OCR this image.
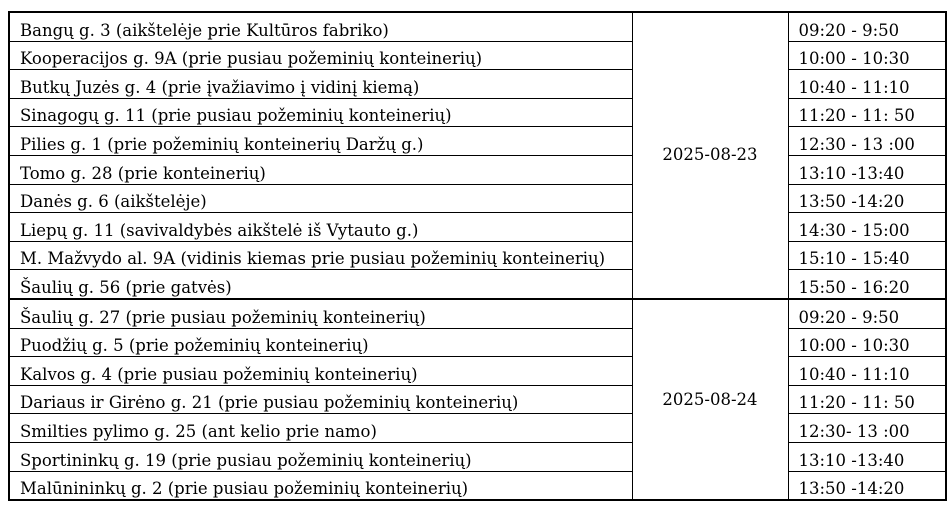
Bangų g. 3 (aikštelėje prie Kultūros fabriko)	2025-08-23	09:20 - 9:50
Kooperacijos g. 9A (prie pusiau požeminių konteinerių)		10:00 - 10:30
Butkų Juzės g. 4 (prie įvažiavimo į vidinį kiemą)		10:40 - 11:10
Sinagogų g. 11 (prie pusiau požeminių konteinerių)		11:20 - 11: 50
Pilies g. 1 (prie požeminių konteinerių Daržų g.)		12:30 - 13 :00
Tomo g. 28 (prie konteinerių)		13:10 -13:40
Danės g. 6 (aikštelėje)		13:50 -14:20
Liepų g. 11 (savivaldybės aikštelė iš Vytauto g.)		14:30 - 15:00
M. Mažvydo al. 9A (vidinis kiemas prie pusiau požeminių konteinerių)		15:10 - 15:40
Šaulių g. 56 (prie gatvės)		15:50 - 16:20
Šaulių g. 27 (prie pusiau požeminių konteinerių)	2025-08-24	09:20 - 9:50
Puodžių g. 5 (prie požeminių konteinerių)		10:00 - 10:30
Kalvos g. 4 (prie pusiau požeminių konteinerių)		10:40 - 11:10
Dariaus ir Girėno g. 21 (prie pusiau požeminių konteinerių)		11:20 - 11: 50
Smilties pylimo g. 25 (ant kelio prie namo)		12:30- 13 :00
Sportininkų g. 19 (prie pusiau požeminių konteinerių)		13:10 -13:40
Malūnininkų g. 2 (prie pusiau požeminių konteinerių)		13:50 -14:20
